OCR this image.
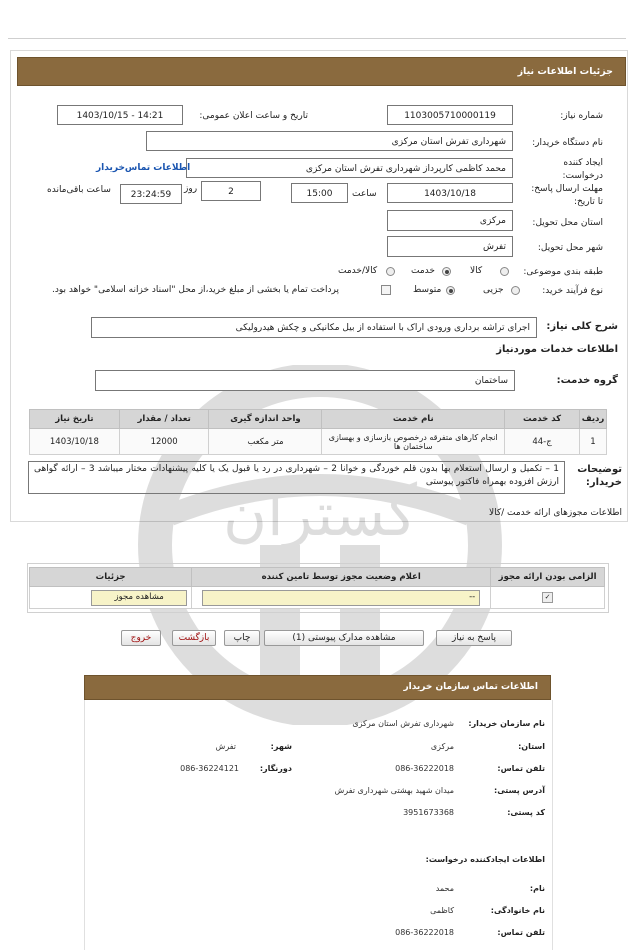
گستران
جزئیات اطلاعات نیاز
شماره نیاز:
1103005710000119
تاریخ و ساعت اعلان عمومی:
1403/10/15 - 14:21
نام دستگاه خریدار:
شهرداری تفرش استان مرکزی
ایجاد کننده درخواست:
محمد کاظمی کارپرداز شهرداری تفرش استان مرکزی
اطلاعات تماس‌خریدار
مهلت ارسال پاسخ: تا تاریخ:
1403/10/18
ساعت
15:00
2
روز
23:24:59
ساعت باقی‌مانده
استان محل تحویل:
مرکزی
شهر محل تحویل:
تفرش
طبقه بندی موضوعی:
کالا
خدمت
کالا/خدمت
نوع فرآیند خرید:
جزیی
متوسط
پرداخت تمام یا بخشی از مبلغ خرید،از محل "اسناد خزانه اسلامی" خواهد بود.
شرح کلی نیاز:
اجرای تراشه برداری ورودی اراک با استفاده از بیل مکانیکی و چکش هیدرولیکی
اطلاعات خدمات موردنیاز
گروه خدمت:
ساختمان
ردیف	کد خدمت	نام خدمت	واحد اندازه گیری	تعداد / مقدار	تاریخ نیاز
1	ج-44	انجام کارهای متفرقه درخصوص بازسازی و بهسازی ساختمان ها	متر مکعب	12000	1403/10/18
توضیحات خریدار:
1 – تکمیل و ارسال استعلام بها بدون قلم خوردگی و خوانا 2 – شهرداری در رد یا قبول یک یا کلیه پیشنهادات مختار میباشد 3 – ارائه گواهی ارزش افزوده بهمراه فاکتور پیوستی
اطلاعات مجوزهای ارائه خدمت /کالا
الزامی بودن ارائه مجوز	اعلام وضعیت مجوز توسط تامین کننده	جزئیات
✓	--	مشاهده مجوز
پاسخ به نیاز
مشاهده مدارک پیوستی (1)
چاپ
بازگشت
خروج
اطلاعات تماس سازمان خریدار
نام سازمان خریدار:
شهرداری تفرش استان مرکزی
استان:
مرکزی
شهر:
تفرش
تلفن تماس:
086-36222018
دورنگار:
086-36224121
آدرس پستی:
میدان شهید بهشتی شهرداری تفرش
کد پستی:
3951673368
اطلاعات ایجادکننده درخواست:
نام:
محمد
نام خانوادگی:
کاظمی
تلفن تماس:
086-36222018
